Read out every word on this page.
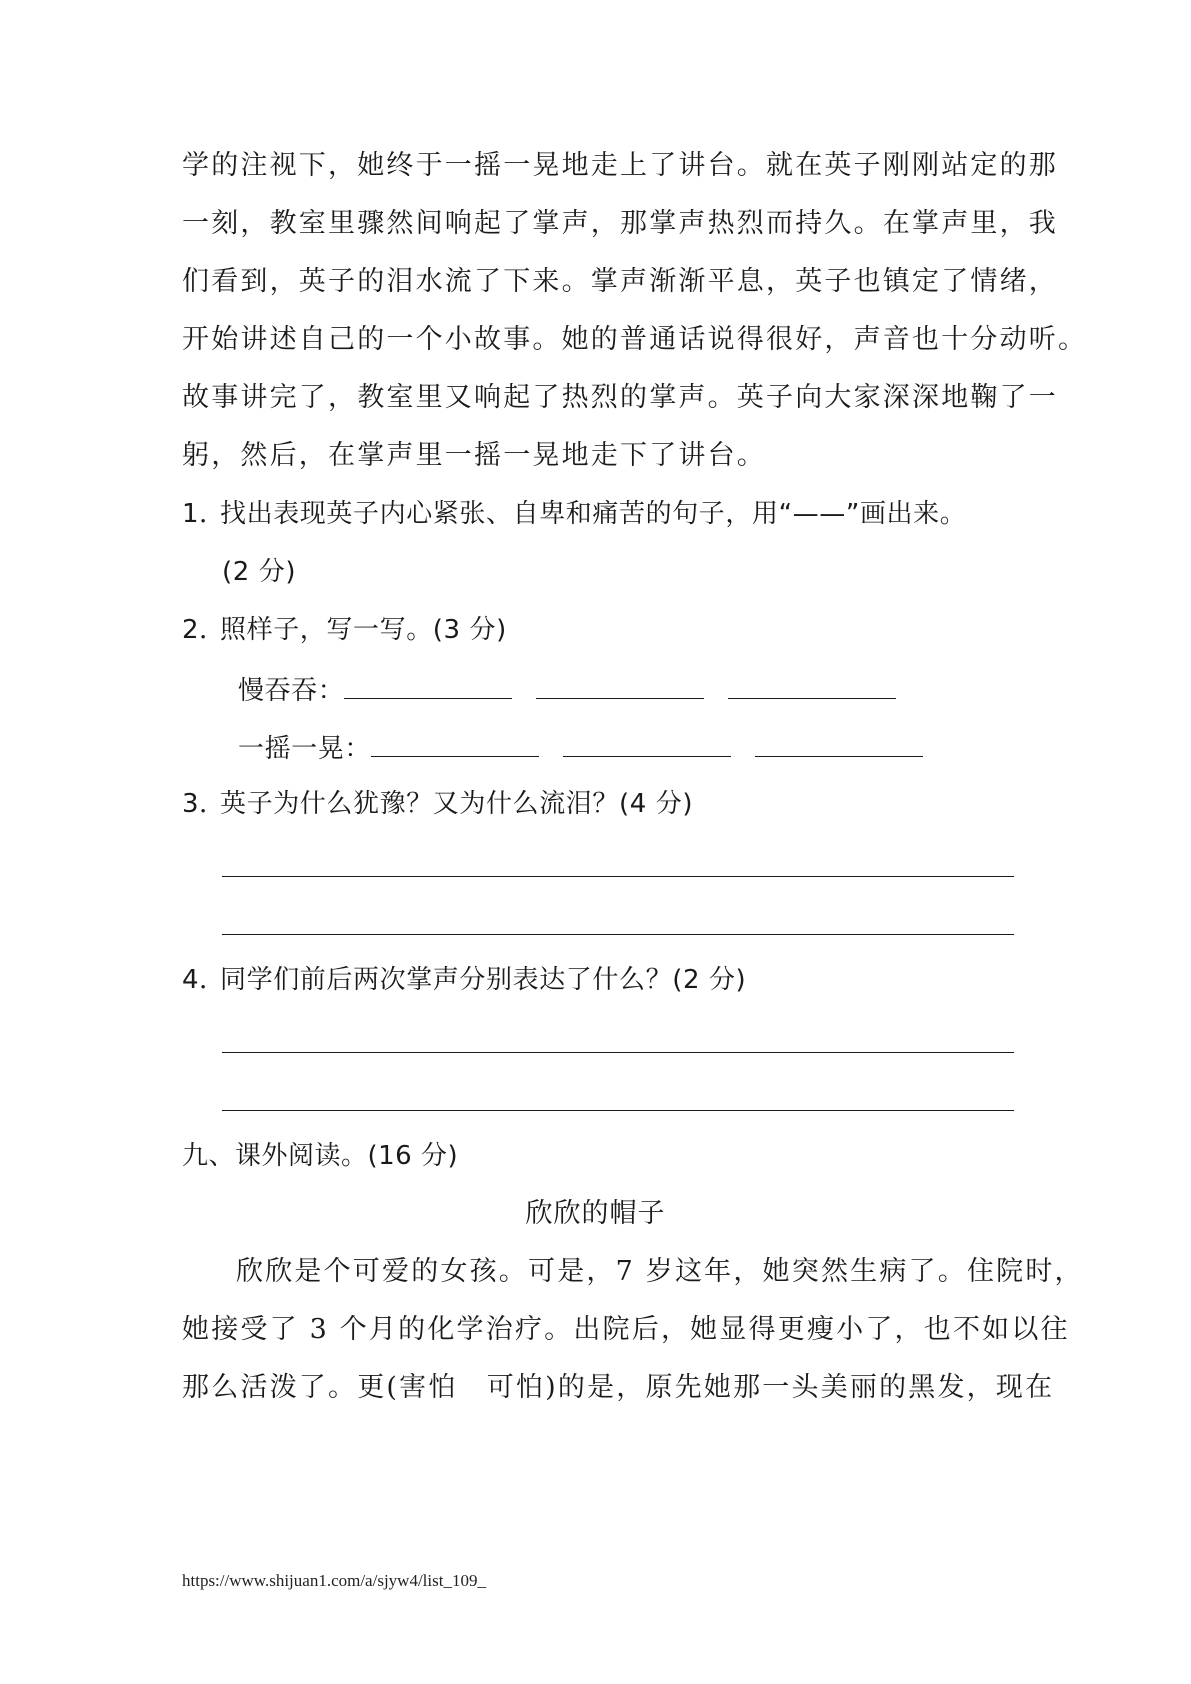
学的注视下，她终于一摇一晃地走上了讲台。就在英子刚刚站定的那
一刻，教室里骤然间响起了掌声，那掌声热烈而持久。在掌声里，我
们看到，英子的泪水流了下来。掌声渐渐平息，英子也镇定了情绪，
开始讲述自己的一个小故事。她的普通话说得很好，声音也十分动听。
故事讲完了，教室里又响起了热烈的掌声。英子向大家深深地鞠了一
躬，然后，在掌声里一摇一晃地走下了讲台。
1．找出表现英子内心紧张、自卑和痛苦的句子，用“——”画出来。
(2 分)
2．照样子，写一写。(3 分)
慢吞吞：
一摇一晃：
3．英子为什么犹豫？又为什么流泪？(4 分)
4．同学们前后两次掌声分别表达了什么？(2 分)
九、课外阅读。(16 分)
欣欣的帽子
欣欣是个可爱的女孩。可是，7 岁这年，她突然生病了。住院时，
她接受了 3 个月的化学治疗。出院后，她显得更瘦小了，也不如以往
那么活泼了。更(害怕　可怕)的是，原先她那一头美丽的黑发，现在
https://www.shijuan1.com/a/sjyw4/list_109_
